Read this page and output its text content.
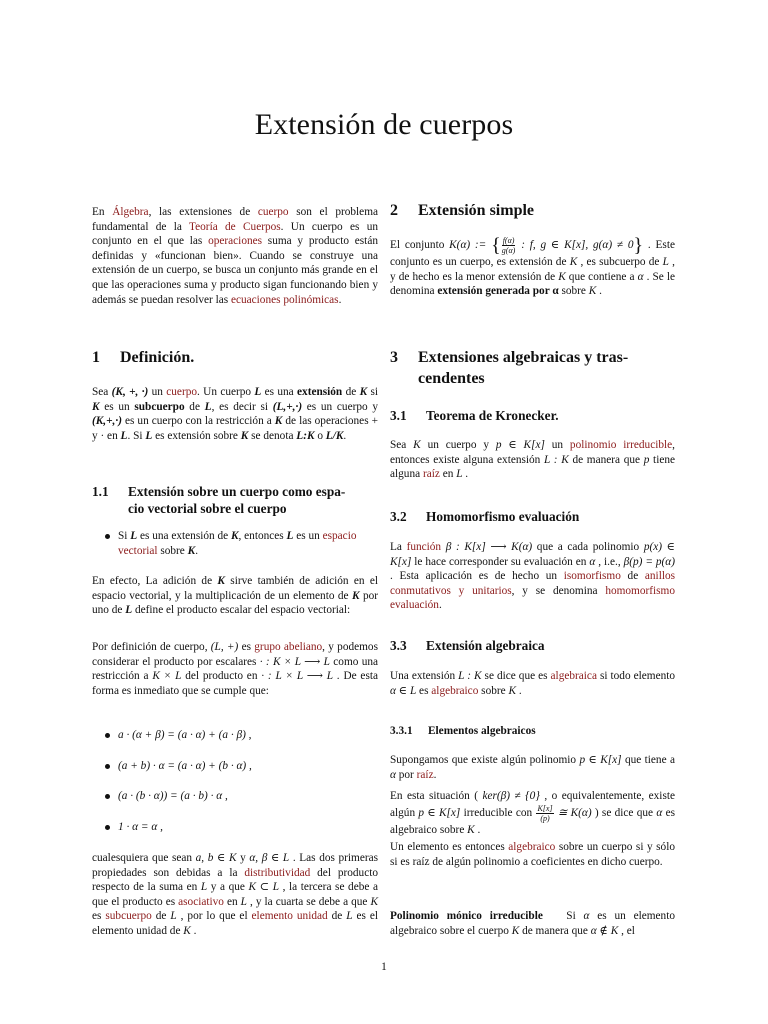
Extensión de cuerpos

En Álgebra, las extensiones de cuerpo son el problema fundamental de la Teoría de Cuerpos. Un cuerpo es un conjunto en el que las operaciones suma y producto están definidas y «funcionan bien». Cuando se construye una extensión de un cuerpo, se busca un conjunto más grande en el que las operaciones suma y producto sigan funcionando bien y además se puedan resolver las ecuaciones polinómicas.

1 Definición.

Sea (K, +, ·) un cuerpo. Un cuerpo L es una extensión de K si K es un subcuerpo de L, es decir si (L,+,·) es un cuerpo y (K,+,·) es un cuerpo con la restricción a K de las operaciones + y · en L. Si L es extensión sobre K se denota L:K o L/K.

1.1 Extensión sobre un cuerpo como espa-
cio vectorial sobre el cuerpo
Si L es una extensión de K, entonces L es un espacio vectorial sobre K.

En efecto, La adición de K sirve también de adición en el espacio vectorial, y la multiplicación de un elemento de K por uno de L define el producto escalar del espacio vectorial:

Por definición de cuerpo, (L, +) es grupo abeliano, y podemos considerar el producto por escalares · : K × L ⟶ L como una restricción a K × L del producto en · : L × L ⟶ L . De esta forma es inmediato que se cumple que:

a · (α + β) = (a · α) + (a · β) ,
(a + b) · α = (a · α) + (b · α) ,
(a · (b · α)) = (a · b) · α ,
1 · α = α ,

cualesquiera que sean a, b ∈ K y α, β ∈ L . Las dos primeras propiedades son debidas a la distributividad del producto respecto de la suma en L y a que K ⊂ L , la tercera se debe a que el producto es asociativo en L , y la cuarta se debe a que K es subcuerpo de L , por lo que el elemento unidad de L es el elemento unidad de K .

2 Extensión simple

El conjunto K(α) := { $\frac{f(\alpha)}{g(\alpha)}$ : f, g ∈ K[x], g(α) ≠ 0} . Este conjunto es un cuerpo, es extensión de K , es subcuerpo de L , y de hecho es la menor extensión de K que contiene a α . Se le denomina extensión generada por α sobre K .

3 Extensiones algebraicas y tras-
cendentes
3.1 Teorema de Kronecker.

Sea K un cuerpo y p ∈ K[x] un polinomio irreducible, entonces existe alguna extensión L : K de manera que p tiene alguna raíz en L .

3.2 Homomorfismo evaluación

La función β : K[x] ⟶ K(α) que a cada polinomio p(x) ∈ K[x] le hace corresponder su evaluación en α , i.e., β(p) = p(α) . Esta aplicación es de hecho un isomorfismo de anillos conmutativos y unitarios, y se denomina homomorfismo evaluación.

3.3 Extensión algebraica

Una extensión L : K se dice que es algebraica si todo elemento α ∈ L es algebraico sobre K .

3.3.1 Elementos algebraicos

Supongamos que existe algún polinomio p ∈ K[x] que tiene a α por raíz.

En esta situación ( ker(β) ≠ {0} , o equivalentemente, existe algún p ∈ K[x] irreducible con $\frac{K[x]}{(p)}$ ≅ K(α) ) se dice que α es algebraico sobre K .

Un elemento es entonces algebraico sobre un cuerpo si y sólo si es raíz de algún polinomio a coeficientes en dicho cuerpo.

Polinomio mónico irreducible   Si α es un elemento algebraico sobre el cuerpo K de manera que α ∉ K , el

1
